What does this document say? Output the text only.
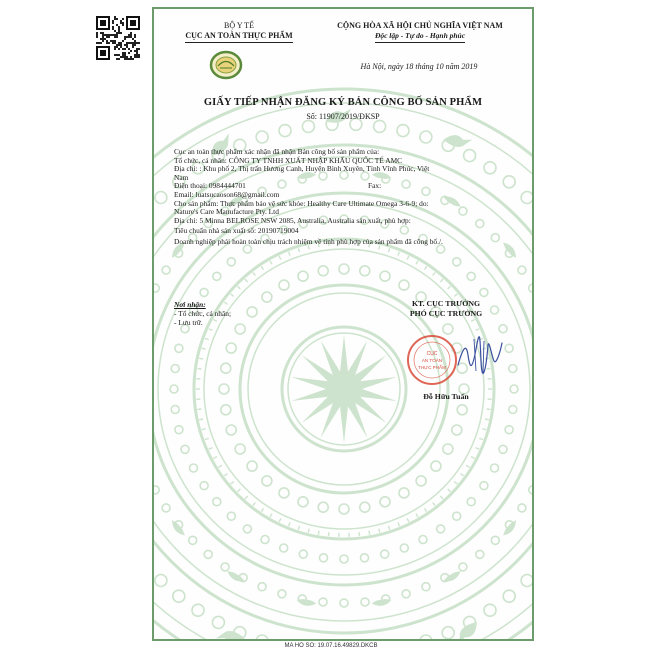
BỘ Y TẾ
CỤC AN TOÀN THỰC PHẨM
CỘNG HÒA XÃ HỘI CHỦ NGHĨA VIỆT NAM
Độc lập - Tự do - Hạnh phúc
Hà Nội, ngày 18 tháng 10 năm 2019
GIẤY TIẾP NHẬN ĐĂNG KÝ BẢN CÔNG BỐ SẢN PHẨM
Số: 11907/2019/ĐKSP
Cục an toàn thực phẩm xác nhận đã nhận Bản công bố sản phẩm của:
Tổ chức, cá nhân: CÔNG TY TNHH XUẤT NHẬP KHẨU QUỐC TẾ AMC
Địa chỉ: : Khu phố 2, Thị trấn Hương Canh, Huyện Bình Xuyên, Tỉnh Vĩnh Phúc, Việt
Nam
Điện thoại: 0984444701	Fax:
Email: luatsucaoson68@gmail.com
Cho sản phẩm: Thực phẩm bảo vệ sức khỏe: Healthy Care Ultimate Omega 3-6-9; do:
Nature's Care Manufacture Pty. Ltd
Địa chỉ: 5 Minna BELROSE NSW 2085, Australia, Australia sản xuất, phù hợp:
Tiêu chuẩn nhà sản xuất số: 20190719004
Doanh nghiệp phải hoàn toàn chịu trách nhiệm về tính phù hợp của sản phẩm đã công bố./.
Nơi nhận:
- Tổ chức, cá nhân;
- Lưu trữ.
KT. CỤC TRƯỞNG
PHÓ CỤC TRƯỞNG
CỤC
AN TOÀN
THỰC PHẨM
Đỗ Hữu Tuấn
MA HO SO: 19.07.16.49829.DKCB
